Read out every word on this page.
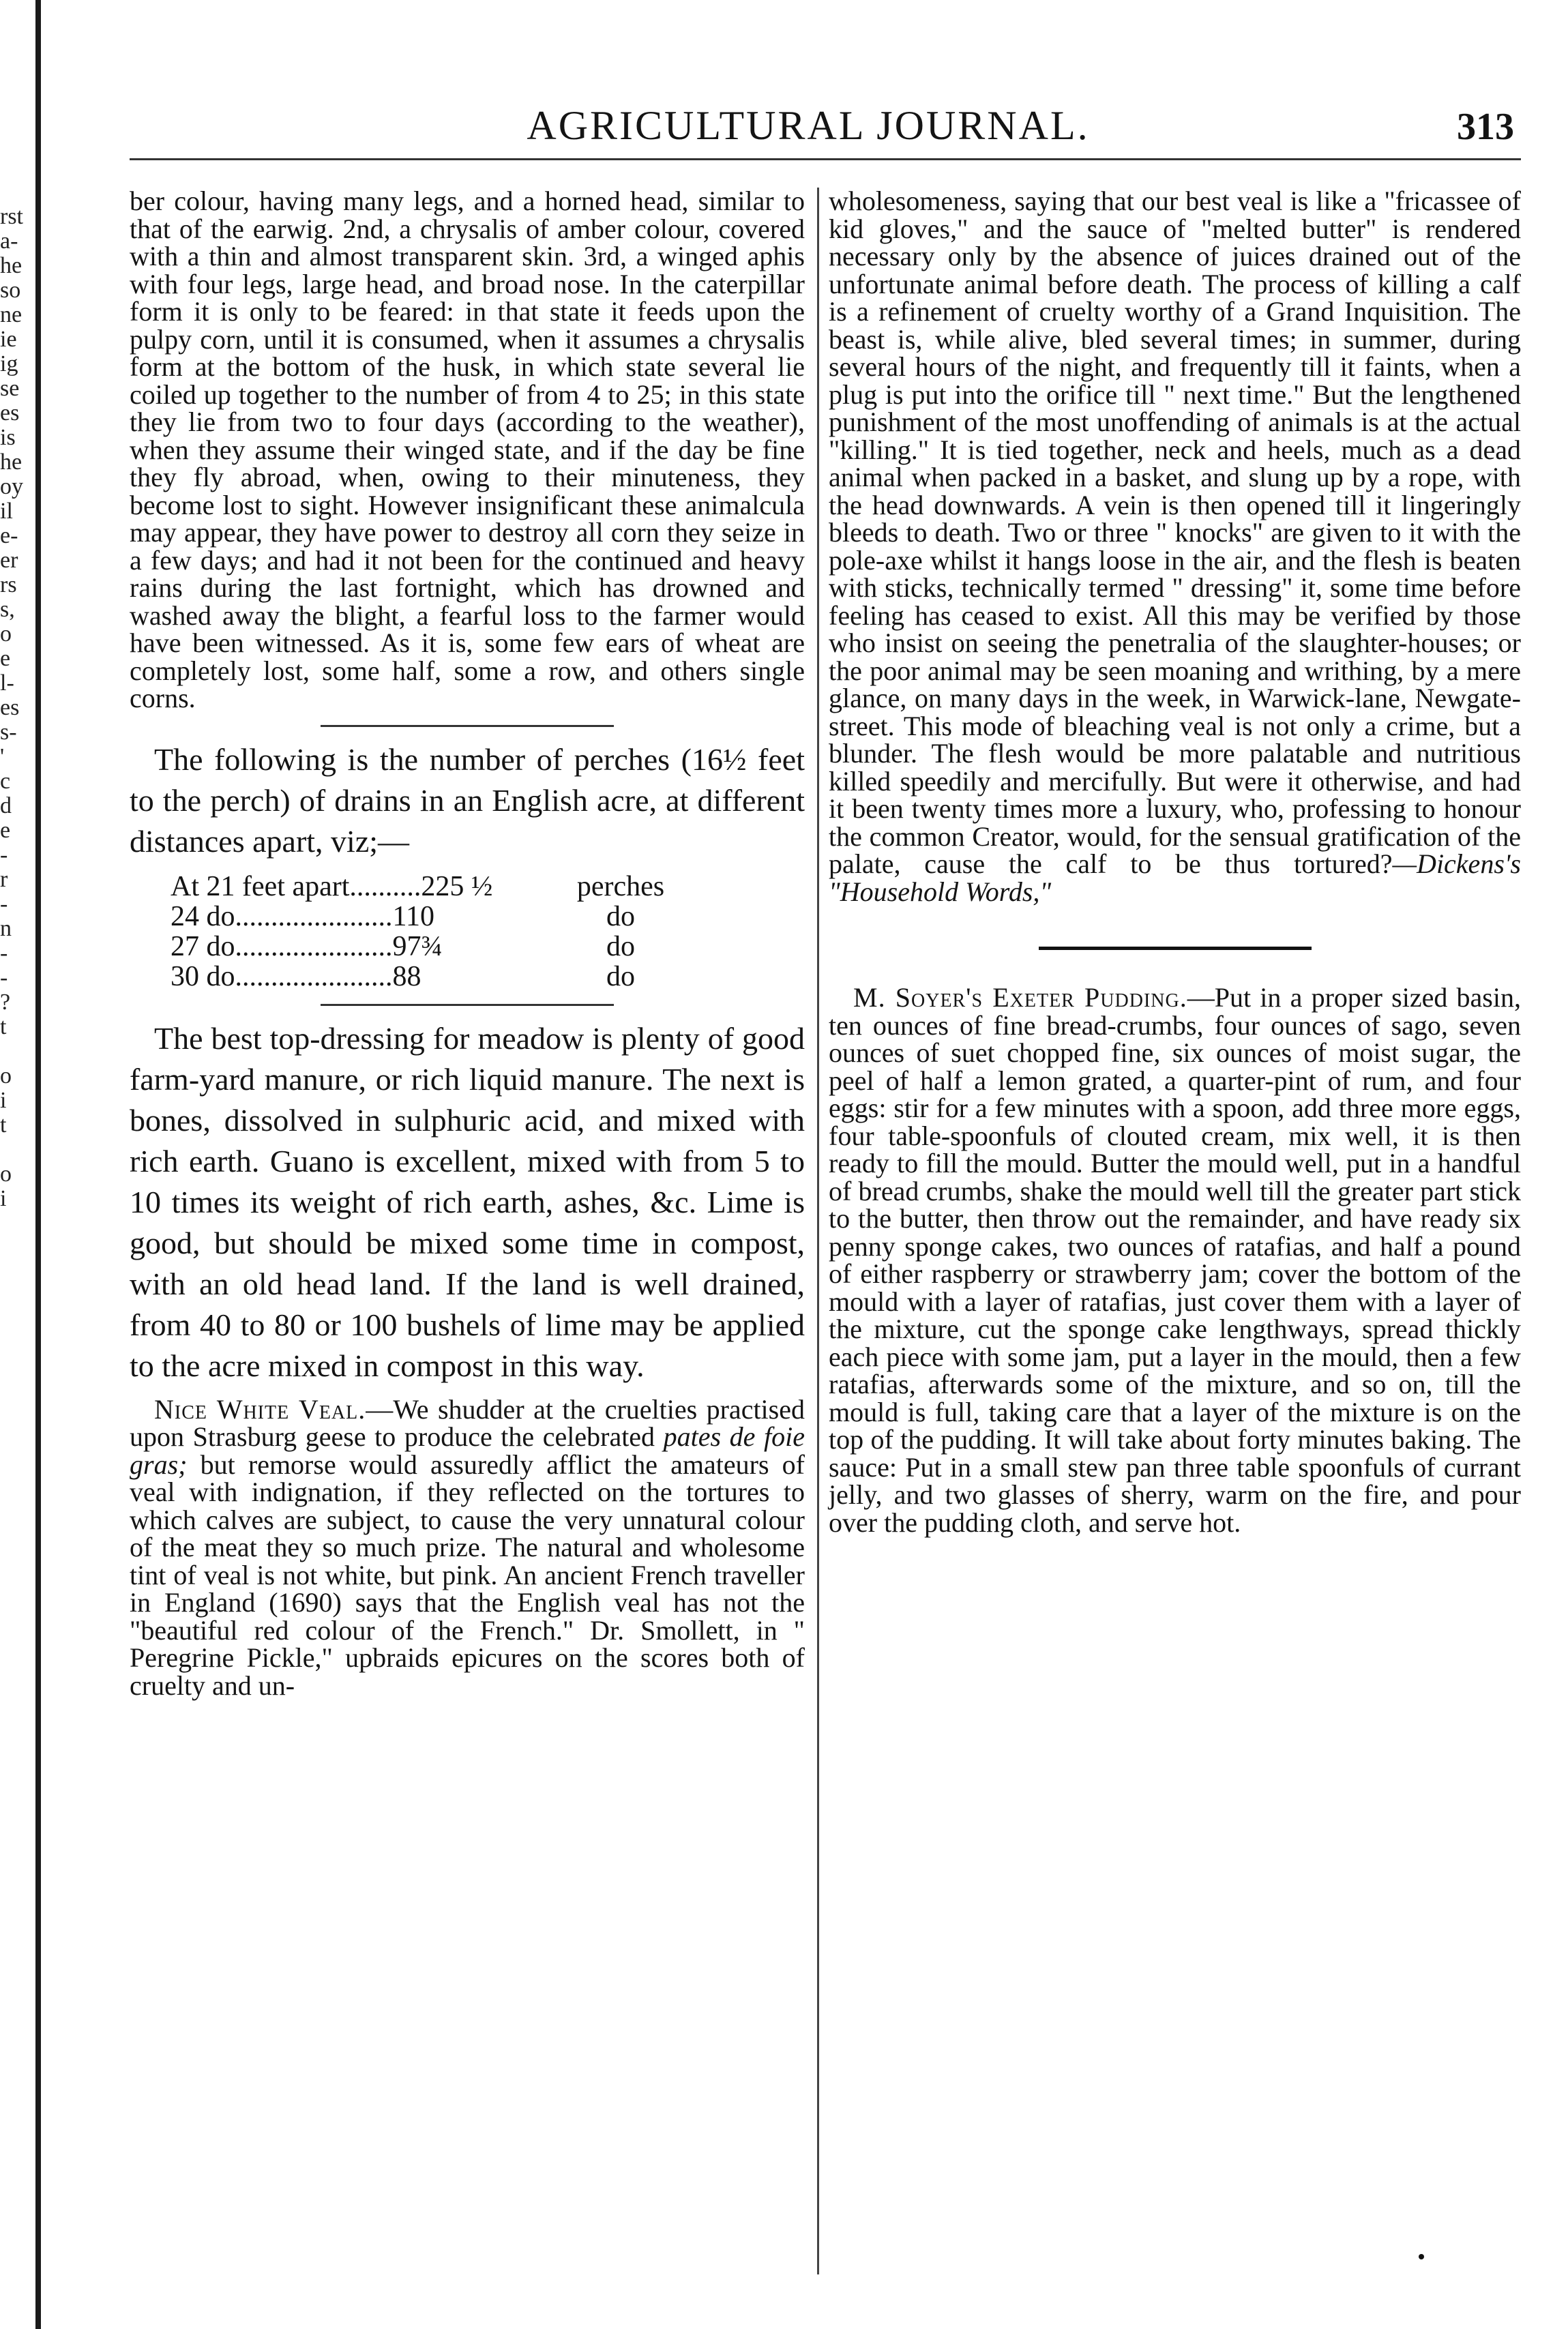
rst
a-
he
so
ne
ie
ig
se
es
is
he
oy
il
e-
er
rs
s,
o
e
l-
es
s-
'
c
d
e
-
r
-
n
-
-
?
t
o
i
t
o
i
AGRICULTURAL JOURNAL.	313

ber colour, having many legs, and a horned head, similar to that of the earwig. 2nd, a chrysalis of amber colour, covered with a thin and almost transparent skin. 3rd, a winged aphis with four legs, large head, and broad nose. In the caterpillar form it is only to be feared: in that state it feeds upon the pulpy corn, until it is consumed, when it assumes a chrysalis form at the bottom of the husk, in which state several lie coiled up together to the number of from 4 to 25; in this state they lie from two to four days (according to the weather), when they assume their winged state, and if the day be fine they fly abroad, when, owing to their minuteness, they become lost to sight. However insignificant these animalcula may appear, they have power to destroy all corn they seize in a few days; and had it not been for the continued and heavy rains during the last fortnight, which has drowned and washed away the blight, a fearful loss to the farmer would have been witnessed. As it is, some few ears of wheat are completely lost, some half, some a row, and others single corns.

The following is the number of perches (16½ feet to the perch) of drains in an English acre, at different distances apart, viz;—

At 21 feet apart..........225 ½	perches
24 do......................110	do
27 do......................97¾	do
30 do......................88	do

The best top-dressing for meadow is plenty of good farm-yard manure, or rich liquid manure. The next is bones, dissolved in sulphuric acid, and mixed with rich earth. Guano is excellent, mixed with from 5 to 10 times its weight of rich earth, ashes, &c. Lime is good, but should be mixed some time in compost, with an old head land. If the land is well drained, from 40 to 80 or 100 bushels of lime may be applied to the acre mixed in compost in this way.

Nice White Veal.—We shudder at the cruelties practised upon Strasburg geese to produce the celebrated pates de foie gras; but remorse would assuredly afflict the amateurs of veal with indignation, if they reflected on the tortures to which calves are subject, to cause the very unnatural colour of the meat they so much prize. The natural and wholesome tint of veal is not white, but pink. An ancient French traveller in England (1690) says that the English veal has not the "beautiful red colour of the French." Dr. Smollett, in " Peregrine Pickle," upbraids epicures on the scores both of cruelty and un-

wholesomeness, saying that our best veal is like a "fricassee of kid gloves," and the sauce of "melted butter" is rendered necessary only by the absence of juices drained out of the unfortunate animal before death. The process of killing a calf is a refinement of cruelty worthy of a Grand Inquisition. The beast is, while alive, bled several times; in summer, during several hours of the night, and frequently till it faints, when a plug is put into the orifice till " next time." But the lengthened punishment of the most unoffending of animals is at the actual "killing." It is tied together, neck and heels, much as a dead animal when packed in a basket, and slung up by a rope, with the head downwards. A vein is then opened till it lingeringly bleeds to death. Two or three " knocks" are given to it with the pole-axe whilst it hangs loose in the air, and the flesh is beaten with sticks, technically termed " dressing" it, some time before feeling has ceased to exist. All this may be verified by those who insist on seeing the penetralia of the slaughter-houses; or the poor animal may be seen moaning and writhing, by a mere glance, on many days in the week, in Warwick-lane, Newgate-street. This mode of bleaching veal is not only a crime, but a blunder. The flesh would be more palatable and nutritious killed speedily and mercifully. But were it otherwise, and had it been twenty times more a luxury, who, professing to honour the common Creator, would, for the sensual gratification of the palate, cause the calf to be thus tortured?—Dickens's "Household Words,"

M. Soyer's Exeter Pudding.—Put in a proper sized basin, ten ounces of fine bread-crumbs, four ounces of sago, seven ounces of suet chopped fine, six ounces of moist sugar, the peel of half a lemon grated, a quarter-pint of rum, and four eggs: stir for a few minutes with a spoon, add three more eggs, four table-spoonfuls of clouted cream, mix well, it is then ready to fill the mould. Butter the mould well, put in a handful of bread crumbs, shake the mould well till the greater part stick to the butter, then throw out the remainder, and have ready six penny sponge cakes, two ounces of ratafias, and half a pound of either raspberry or strawberry jam; cover the bottom of the mould with a layer of ratafias, just cover them with a layer of the mixture, cut the sponge cake lengthways, spread thickly each piece with some jam, put a layer in the mould, then a few ratafias, afterwards some of the mixture, and so on, till the mould is full, taking care that a layer of the mixture is on the top of the pudding. It will take about forty minutes baking. The sauce: Put in a small stew pan three table spoonfuls of currant jelly, and two glasses of sherry, warm on the fire, and pour over the pudding cloth, and serve hot.
